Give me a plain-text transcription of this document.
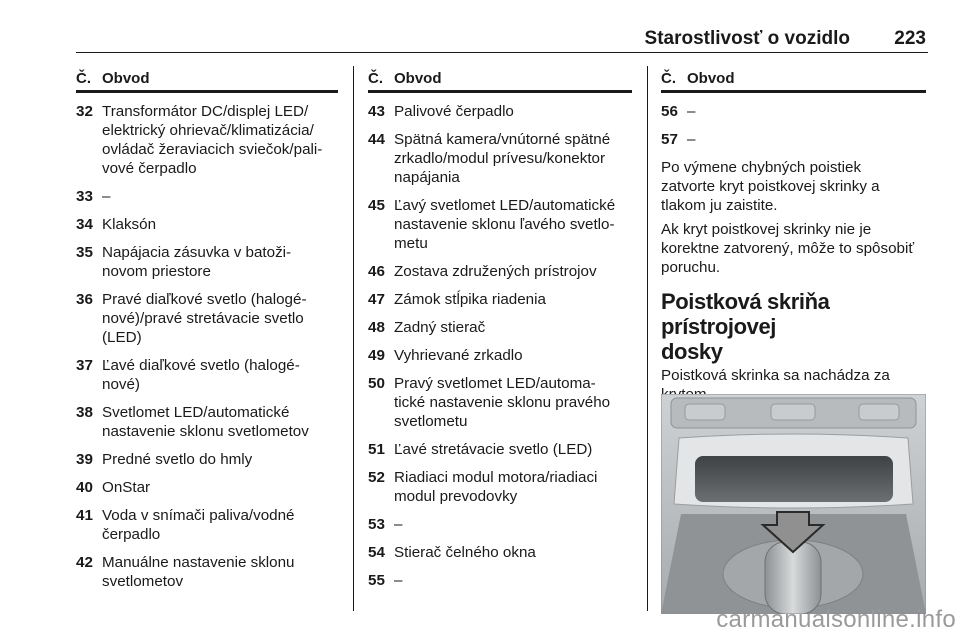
Starostlivosť o vozidlo 223
Č. Obvod
32 Transformátor DC/displej LED/
elektrický ohrievač/klimatizácia/
ovládač žeraviacich sviečok/pali-
vové čerpadlo
33 –
34 Klaksón
35 Napájacia zásuvka v batoži-
novom priestore
36 Pravé diaľkové svetlo (halogé-
nové)/pravé stretávacie svetlo
(LED)
37 Ľavé diaľkové svetlo (halogé-
nové)
38 Svetlomet LED/automatické
nastavenie sklonu svetlometov
39 Predné svetlo do hmly
40 OnStar
41 Voda v snímači paliva/vodné
čerpadlo
42 Manuálne nastavenie sklonu
svetlometov
Č. Obvod
43 Palivové čerpadlo
44 Spätná kamera/vnútorné spätné
zrkadlo/modul prívesu/konektor
napájania
45 Ľavý svetlomet LED/automatické
nastavenie sklonu ľavého svetlo-
metu
46 Zostava združených prístrojov
47 Zámok stĺpika riadenia
48 Zadný stierač
49 Vyhrievané zrkadlo
50 Pravý svetlomet LED/automa-
tické nastavenie sklonu pravého
svetlometu
51 Ľavé stretávacie svetlo (LED)
52 Riadiaci modul motora/riadiaci
modul prevodovky
53 –
54 Stierač čelného okna
55 –
Č. Obvod
56 –
57 –

Po výmene chybných poistiek
zatvorte kryt poistkovej skrinky a
tlakom ju zaistite.

Ak kryt poistkovej skrinky nie je
korektne zatvorený, môže to spôsobiť
poruchu.

Poistková skriňa prístrojovej
dosky

Poistková skrinka sa nachádza za

carmanualsonline.info
